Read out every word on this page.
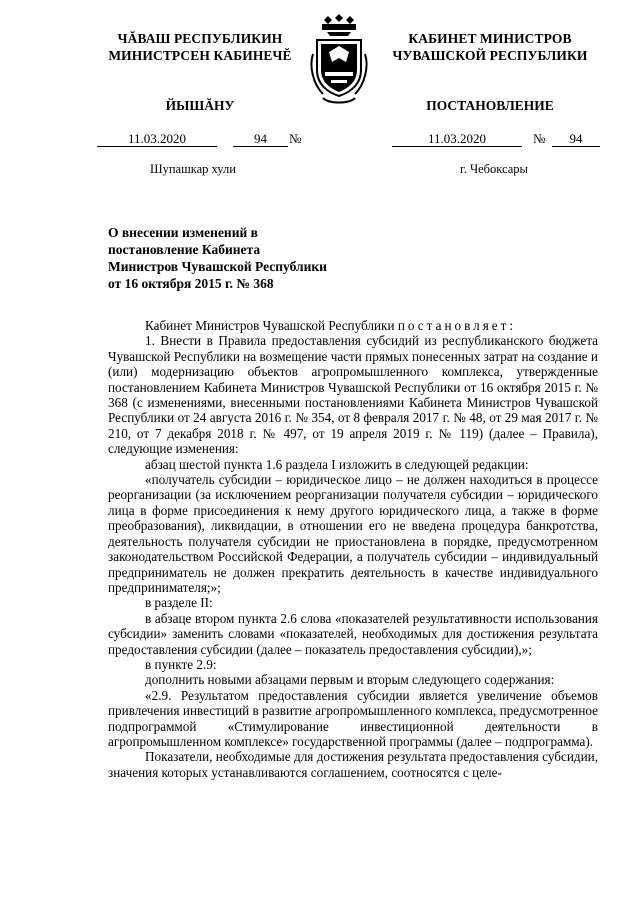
ЧĂВАШ РЕСПУБЛИКИН
МИНИСТРСЕН КАБИНЕЧĔ
ЙЫШĂНУ
КАБИНЕТ МИНИСТРОВ
ЧУВАШСКОЙ РЕСПУБЛИКИ
ПОСТАНОВЛЕНИЕ
11.03.2020	94	№	11.03.2020	№	94
Шупашкар хули	г. Чебоксары
О внесении изменений в постановление Кабинета Министров Чувашской Республики от 16 октября 2015 г. № 368

Кабинет Министров Чувашской Республики постановляет:

1. Внести в Правила предоставления субсидий из республиканского бюджета Чувашской Республики на возмещение части прямых понесенных затрат на создание и (или) модернизацию объектов агропромышленного комплекса, утвержденные постановлением Кабинета Министров Чувашской Республики от 16 октября 2015 г. № 368 (с изменениями, внесенными постановлениями Кабинета Министров Чувашской Республики от 24 августа 2016 г. № 354, от 8 февраля 2017 г. № 48, от 29 мая 2017 г. № 210, от 7 декабря 2018 г. № 497, от 19 апреля 2019 г. № 119) (далее – Правила), следующие изменения:

абзац шестой пункта 1.6 раздела I изложить в следующей редакции:

«получатель субсидии – юридическое лицо – не должен находиться в процессе реорганизации (за исключением реорганизации получателя субсидии – юридического лица в форме присоединения к нему другого юридического лица, а также в форме преобразования), ликвидации, в отношении его не введена процедура банкротства, деятельность получателя субсидии не приостановлена в порядке, предусмотренном законодательством Российской Федерации, а получатель субсидии – индивидуальный предприниматель не должен прекратить деятельность в качестве индивидуального предпринимателя;»;

в разделе II:

в абзаце втором пункта 2.6 слова «показателей результативности использования субсидии» заменить словами «показателей, необходимых для достижения результата предоставления субсидии (далее – показатель предоставления субсидии),»;

в пункте 2.9:

дополнить новыми абзацами первым и вторым следующего содержания:

«2.9. Результатом предоставления субсидии является увеличение объемов привлечения инвестиций в развитие агропромышленного комплекса, предусмотренное подпрограммой «Стимулирование инвестиционной деятельности в агропромышленном комплексе» государственной программы (далее – подпрограмма).

Показатели, необходимые для достижения результата предоставления субсидии, значения которых устанавливаются соглашением, соотносятся с целе-
